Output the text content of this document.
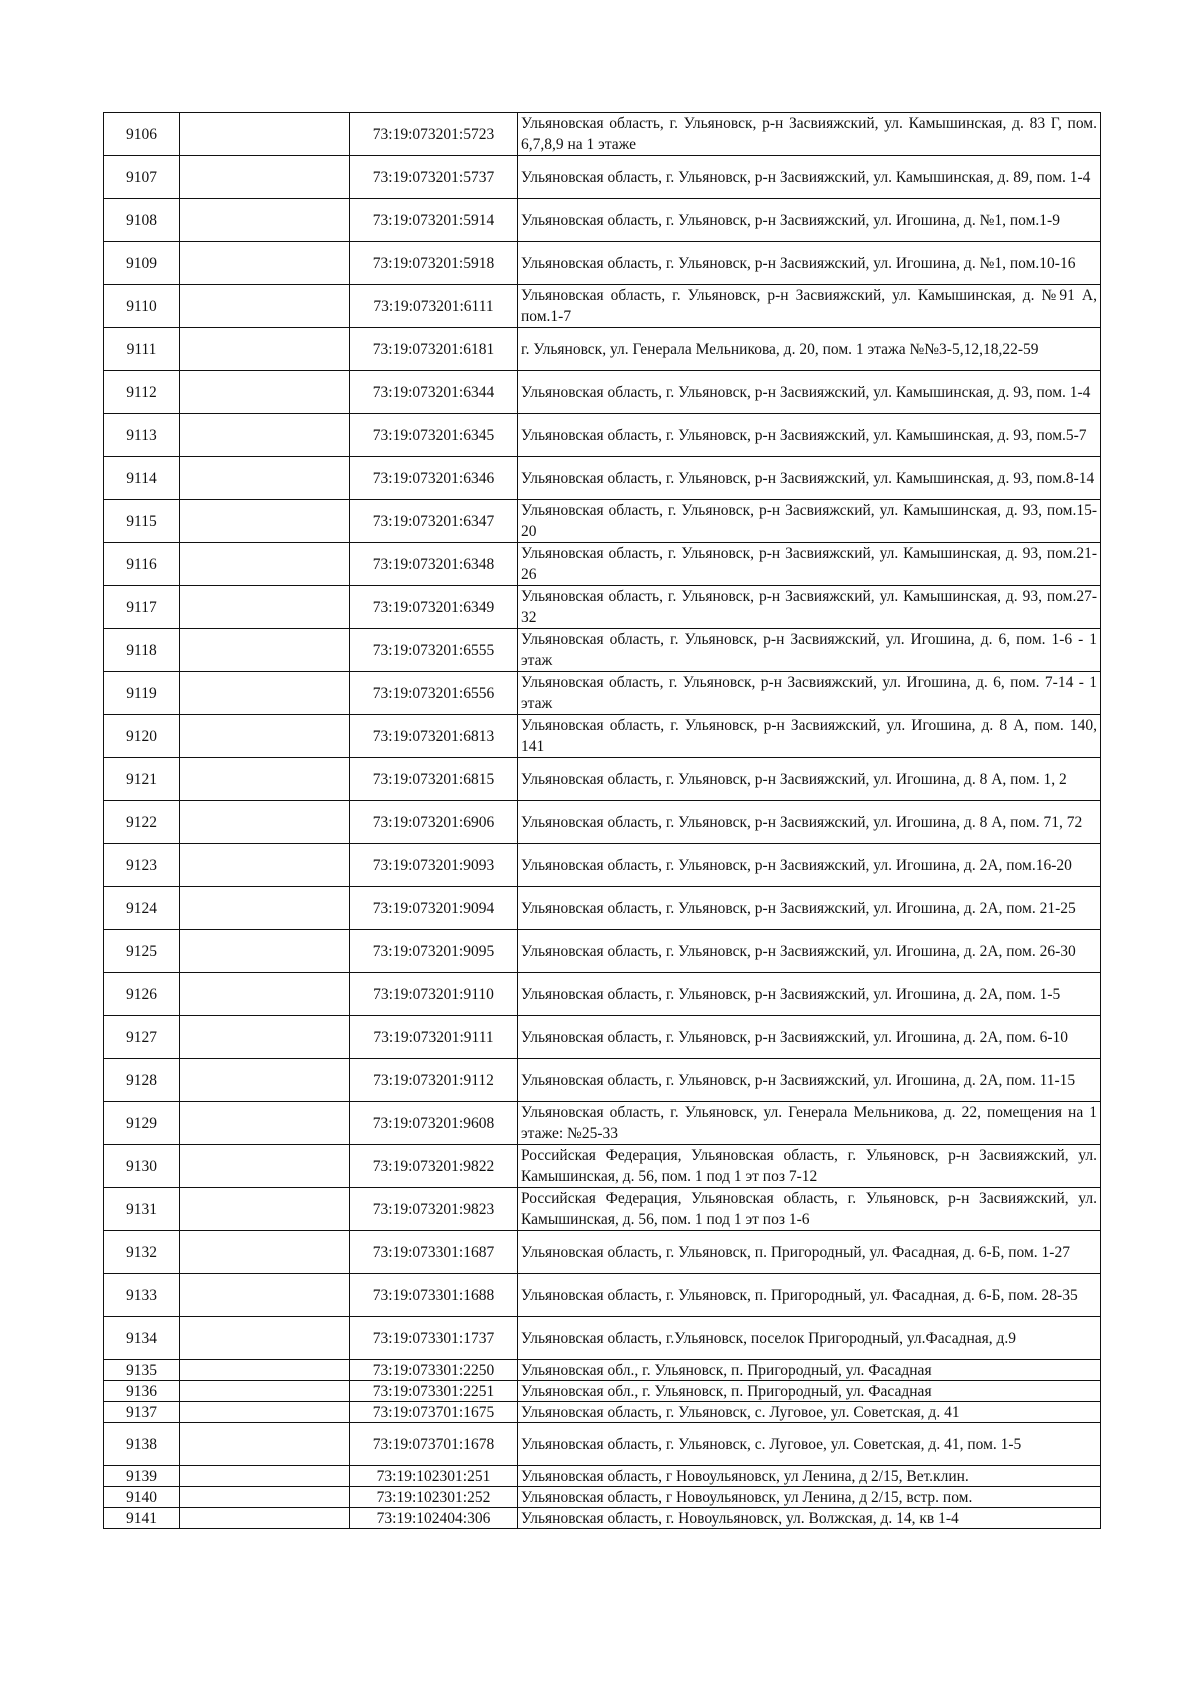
9106		73:19:073201:5723	Ульяновская область, г. Ульяновск, р-н Засвияжский, ул. Камышинская, д. 83 Г, пом. 6,7,8,9 на 1 этаже
9107		73:19:073201:5737	Ульяновская область, г. Ульяновск, р-н Засвияжский, ул. Камышинская, д. 89, пом. 1-4
9108		73:19:073201:5914	Ульяновская область, г. Ульяновск, р-н Засвияжский, ул. Игошина, д. №1, пом.1-9
9109		73:19:073201:5918	Ульяновская область, г. Ульяновск, р-н Засвияжский, ул. Игошина, д. №1, пом.10-16
9110		73:19:073201:6111	Ульяновская область, г. Ульяновск, р-н Засвияжский, ул. Камышинская, д. №91 А, пом.1-7
9111		73:19:073201:6181	г. Ульяновск, ул. Генерала Мельникова, д. 20, пом. 1 этажа №№3-5,12,18,22-59
9112		73:19:073201:6344	Ульяновская область, г. Ульяновск, р-н Засвияжский, ул. Камышинская, д. 93, пом. 1-4
9113		73:19:073201:6345	Ульяновская область, г. Ульяновск, р-н Засвияжский, ул. Камышинская, д. 93, пом.5-7
9114		73:19:073201:6346	Ульяновская область, г. Ульяновск, р-н Засвияжский, ул. Камышинская, д. 93, пом.8-14
9115		73:19:073201:6347	Ульяновская область, г. Ульяновск, р-н Засвияжский, ул. Камышинская, д. 93, пом.15-20
9116		73:19:073201:6348	Ульяновская область, г. Ульяновск, р-н Засвияжский, ул. Камышинская, д. 93, пом.21-26
9117		73:19:073201:6349	Ульяновская область, г. Ульяновск, р-н Засвияжский, ул. Камышинская, д. 93, пом.27-32
9118		73:19:073201:6555	Ульяновская область, г. Ульяновск, р-н Засвияжский, ул. Игошина, д. 6, пом. 1-6 - 1 этаж
9119		73:19:073201:6556	Ульяновская область, г. Ульяновск, р-н Засвияжский, ул. Игошина, д. 6, пом. 7-14 - 1 этаж
9120		73:19:073201:6813	Ульяновская область, г. Ульяновск, р-н Засвияжский, ул. Игошина, д. 8 А, пом. 140, 141
9121		73:19:073201:6815	Ульяновская область, г. Ульяновск, р-н Засвияжский, ул. Игошина, д. 8 А, пом. 1, 2
9122		73:19:073201:6906	Ульяновская область, г. Ульяновск, р-н Засвияжский, ул. Игошина, д. 8 А, пом. 71, 72
9123		73:19:073201:9093	Ульяновская область, г. Ульяновск, р-н Засвияжский, ул. Игошина, д. 2А, пом.16-20
9124		73:19:073201:9094	Ульяновская область, г. Ульяновск, р-н Засвияжский, ул. Игошина, д. 2А, пом. 21-25
9125		73:19:073201:9095	Ульяновская область, г. Ульяновск, р-н Засвияжский, ул. Игошина, д. 2А, пом. 26-30
9126		73:19:073201:9110	Ульяновская область, г. Ульяновск, р-н Засвияжский, ул. Игошина, д. 2А, пом. 1-5
9127		73:19:073201:9111	Ульяновская область, г. Ульяновск, р-н Засвияжский, ул. Игошина, д. 2А, пом. 6-10
9128		73:19:073201:9112	Ульяновская область, г. Ульяновск, р-н Засвияжский, ул. Игошина, д. 2А, пом. 11-15
9129		73:19:073201:9608	Ульяновская область, г. Ульяновск, ул. Генерала Мельникова, д. 22, помещения на 1 этаже: №25-33
9130		73:19:073201:9822	Российская Федерация, Ульяновская область, г. Ульяновск, р-н Засвияжский, ул. Камышинская, д. 56, пом. 1 под 1 эт поз 7-12
9131		73:19:073201:9823	Российская Федерация, Ульяновская область, г. Ульяновск, р-н Засвияжский, ул. Камышинская, д. 56, пом. 1 под 1 эт поз 1-6
9132		73:19:073301:1687	Ульяновская область, г. Ульяновск, п. Пригородный, ул. Фасадная, д. 6-Б, пом. 1-27
9133		73:19:073301:1688	Ульяновская область, г. Ульяновск, п. Пригородный, ул. Фасадная, д. 6-Б, пом. 28-35
9134		73:19:073301:1737	Ульяновская область, г.Ульяновск, поселок Пригородный, ул.Фасадная, д.9
9135		73:19:073301:2250	Ульяновская обл., г. Ульяновск, п. Пригородный, ул. Фасадная
9136		73:19:073301:2251	Ульяновская обл., г. Ульяновск, п. Пригородный, ул. Фасадная
9137		73:19:073701:1675	Ульяновская область, г. Ульяновск, с. Луговое, ул. Советская, д. 41
9138		73:19:073701:1678	Ульяновская область, г. Ульяновск, с. Луговое, ул. Советская, д. 41, пом. 1-5
9139		73:19:102301:251	Ульяновская область, г Новоульяновск, ул Ленина, д 2/15, Вет.клин.
9140		73:19:102301:252	Ульяновская область, г Новоульяновск, ул Ленина, д 2/15, встр. пом.
9141		73:19:102404:306	Ульяновская область, г. Новоульяновск, ул. Волжская, д. 14, кв 1-4
